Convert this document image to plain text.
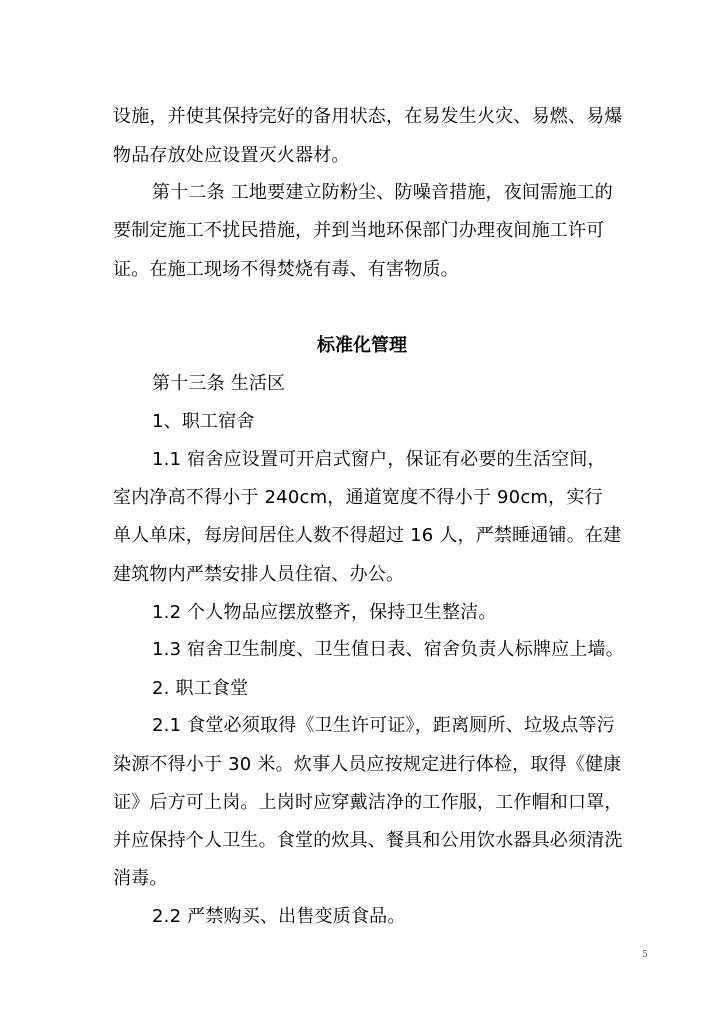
设施，并使其保持完好的备用状态，在易发生火灾、易燃、易爆
物品存放处应设置灭火器材。
第十二条 工地要建立防粉尘、防噪音措施，夜间需施工的
要制定施工不扰民措施，并到当地环保部门办理夜间施工许可
证。在施工现场不得焚烧有毒、有害物质。
标准化管理
第十三条 生活区
1、职工宿舍
1.1 宿舍应设置可开启式窗户，保证有必要的生活空间，
室内净高不得小于 240cm，通道宽度不得小于 90cm，实行
单人单床，每房间居住人数不得超过 16 人，严禁睡通铺。在建
建筑物内严禁安排人员住宿、办公。
1.2 个人物品应摆放整齐，保持卫生整洁。
1.3 宿舍卫生制度、卫生值日表、宿舍负责人标牌应上墙。
2. 职工食堂
2.1 食堂必须取得《卫生许可证》，距离厕所、垃圾点等污
染源不得小于 30 米。炊事人员应按规定进行体检，取得《健康
证》后方可上岗。上岗时应穿戴洁净的工作服，工作帽和口罩，
并应保持个人卫生。食堂的炊具、餐具和公用饮水器具必须清洗
消毒。
2.2 严禁购买、出售变质食品。
5
